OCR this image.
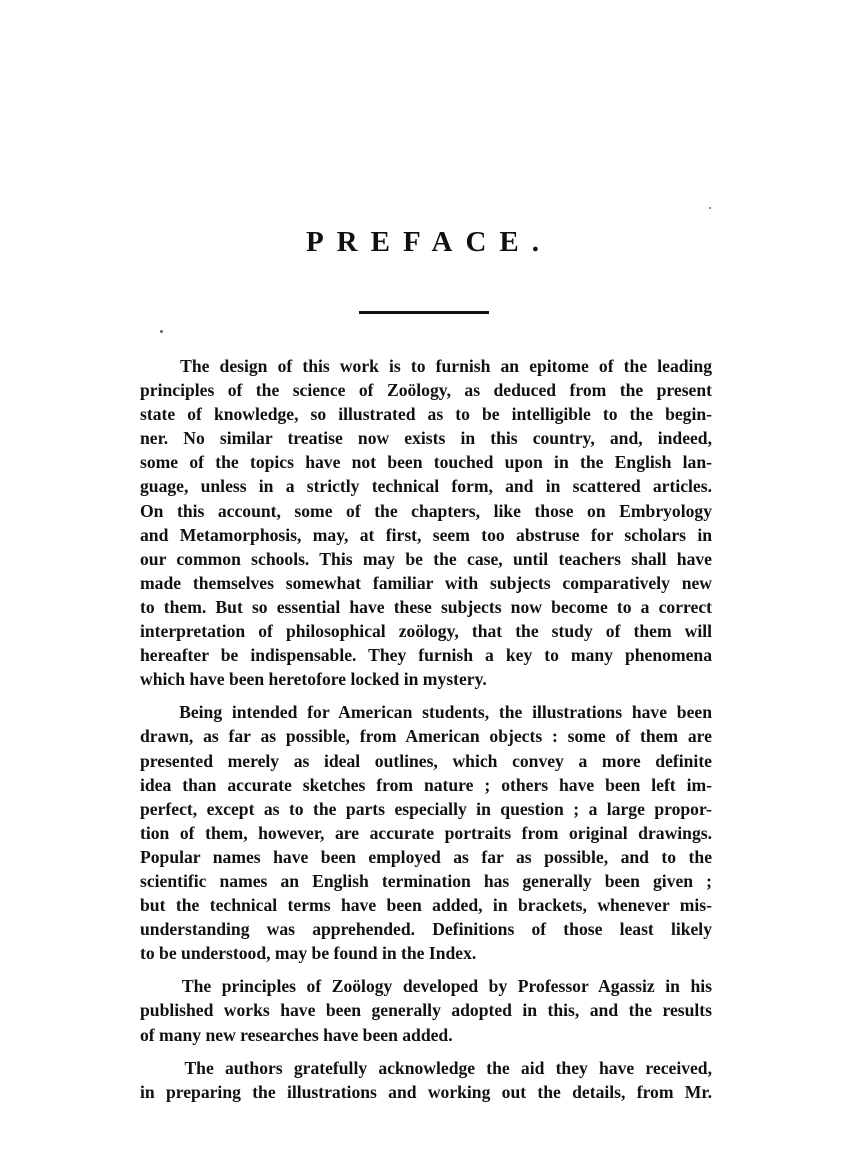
PREFACE.
The design of this work is to furnish an epitome of the leading
principles of the science of Zoölogy, as deduced from the present
state of knowledge, so illustrated as to be intelligible to the begin-
ner. No similar treatise now exists in this country, and, indeed,
some of the topics have not been touched upon in the English lan-
guage, unless in a strictly technical form, and in scattered articles.
On this account, some of the chapters, like those on Embryology
and Metamorphosis, may, at first, seem too abstruse for scholars in
our common schools. This may be the case, until teachers shall have
made themselves somewhat familiar with subjects comparatively new
to them. But so essential have these subjects now become to a correct
interpretation of philosophical zoölogy, that the study of them will
hereafter be indispensable. They furnish a key to many phenomena
which have been heretofore locked in mystery.
Being intended for American students, the illustrations have been
drawn, as far as possible, from American objects : some of them are
presented merely as ideal outlines, which convey a more definite
idea than accurate sketches from nature ; others have been left im-
perfect, except as to the parts especially in question ; a large propor-
tion of them, however, are accurate portraits from original drawings.
Popular names have been employed as far as possible, and to the
scientific names an English termination has generally been given ;
but the technical terms have been added, in brackets, whenever mis-
understanding was apprehended. Definitions of those least likely
to be understood, may be found in the Index.
The principles of Zoölogy developed by Professor Agassiz in his
published works have been generally adopted in this, and the results
of many new researches have been added.
The authors gratefully acknowledge the aid they have received,
in preparing the illustrations and working out the details, from Mr.
